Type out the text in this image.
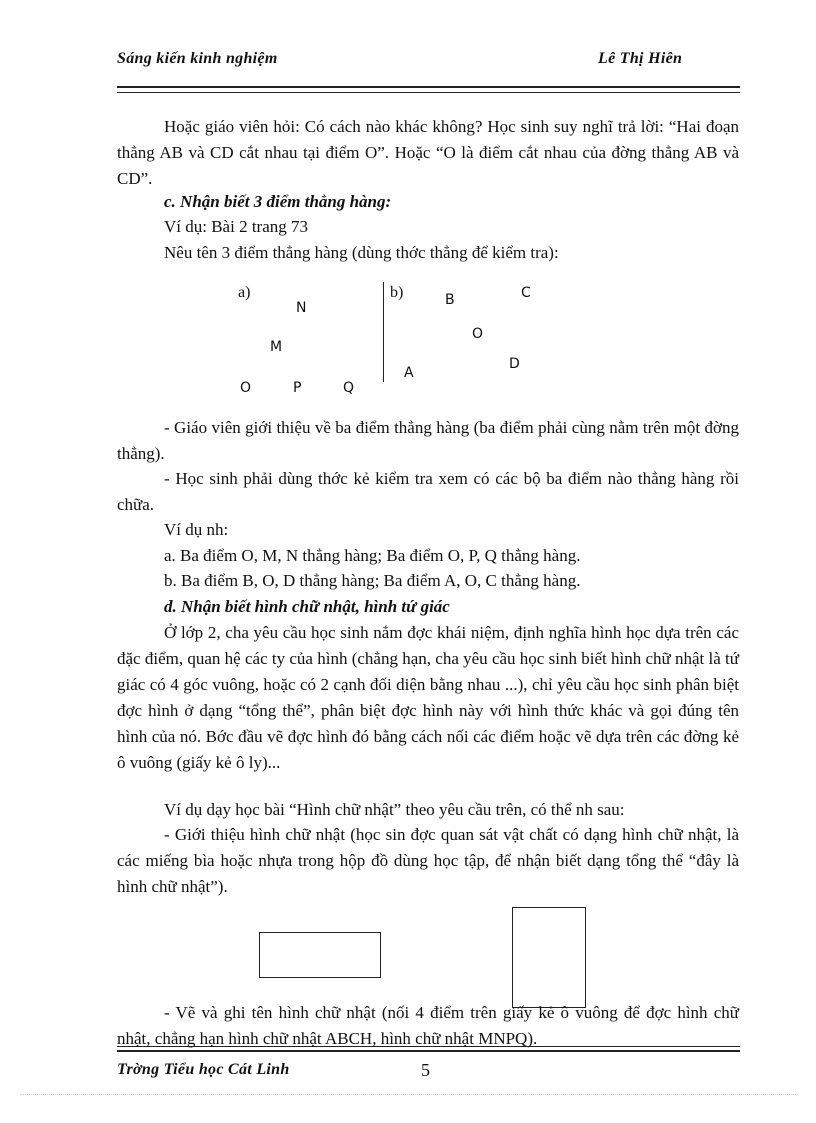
Sáng kiến kinh nghiệm	Lê Thị Hiên

Hoặc giáo viên hỏi: Có cách nào khác không? Học sinh suy nghĩ trả lời: “Hai đoạn thẳng AB và CD cắt nhau tại điểm O”. Hoặc “O là điểm cắt nhau của đờng thẳng AB và CD”.

c. Nhận biết 3 điểm thẳng hàng:

Ví dụ: Bài 2 trang 73

Nêu tên 3 điểm thẳng hàng (dùng thớc thẳng để kiểm tra):

a)
N
M
O	P	Q
b)	B	C
O
A
D

- Giáo viên giới thiệu về ba điểm thẳng hàng (ba điểm phải cùng nằm trên một đờng thẳng).

- Học sinh phải dùng thớc kẻ kiểm tra xem có các bộ ba điểm nào thẳng hàng rồi chữa.

Ví dụ nh:

a. Ba điểm O, M, N thẳng hàng; Ba điểm O, P, Q thẳng hàng.

b. Ba điểm B, O, D thẳng hàng; Ba điểm A, O, C thẳng hàng.

d. Nhận biết hình chữ nhật, hình tứ giác

Ở lớp 2, cha yêu cầu học sinh nắm đợc khái niệm, định nghĩa hình học dựa trên các đặc điểm, quan hệ các ty của hình (chẳng hạn, cha yêu cầu học sinh biết hình chữ nhật là tứ giác có 4 góc vuông, hoặc có 2 cạnh đối diện bằng nhau ...), chỉ yêu cầu học sinh phân biệt đợc hình ở dạng “tổng thể”, phân biệt đợc hình này với hình thức khác và gọi đúng tên hình của nó. Bớc đầu vẽ đợc hình đó bằng cách nối các điểm hoặc vẽ dựa trên các đờng kẻ ô vuông (giấy kẻ ô ly)...

Ví dụ dạy học bài “Hình chữ nhật” theo yêu cầu trên, có thể nh sau:

- Giới thiệu hình chữ nhật (học sin đợc quan sát vật chất có dạng hình chữ nhật, là các miếng bìa hoặc nhựa trong hộp đồ dùng học tập, để nhận biết dạng tổng thể “đây là hình chữ nhật”).

- Vẽ và ghi tên hình chữ nhật (nối 4 điểm trên giấy kẻ ô vuông để đợc hình chữ nhật, chẳng hạn hình chữ nhật ABCH, hình chữ nhật MNPQ).

Trờng Tiểu học Cát Linh	5
